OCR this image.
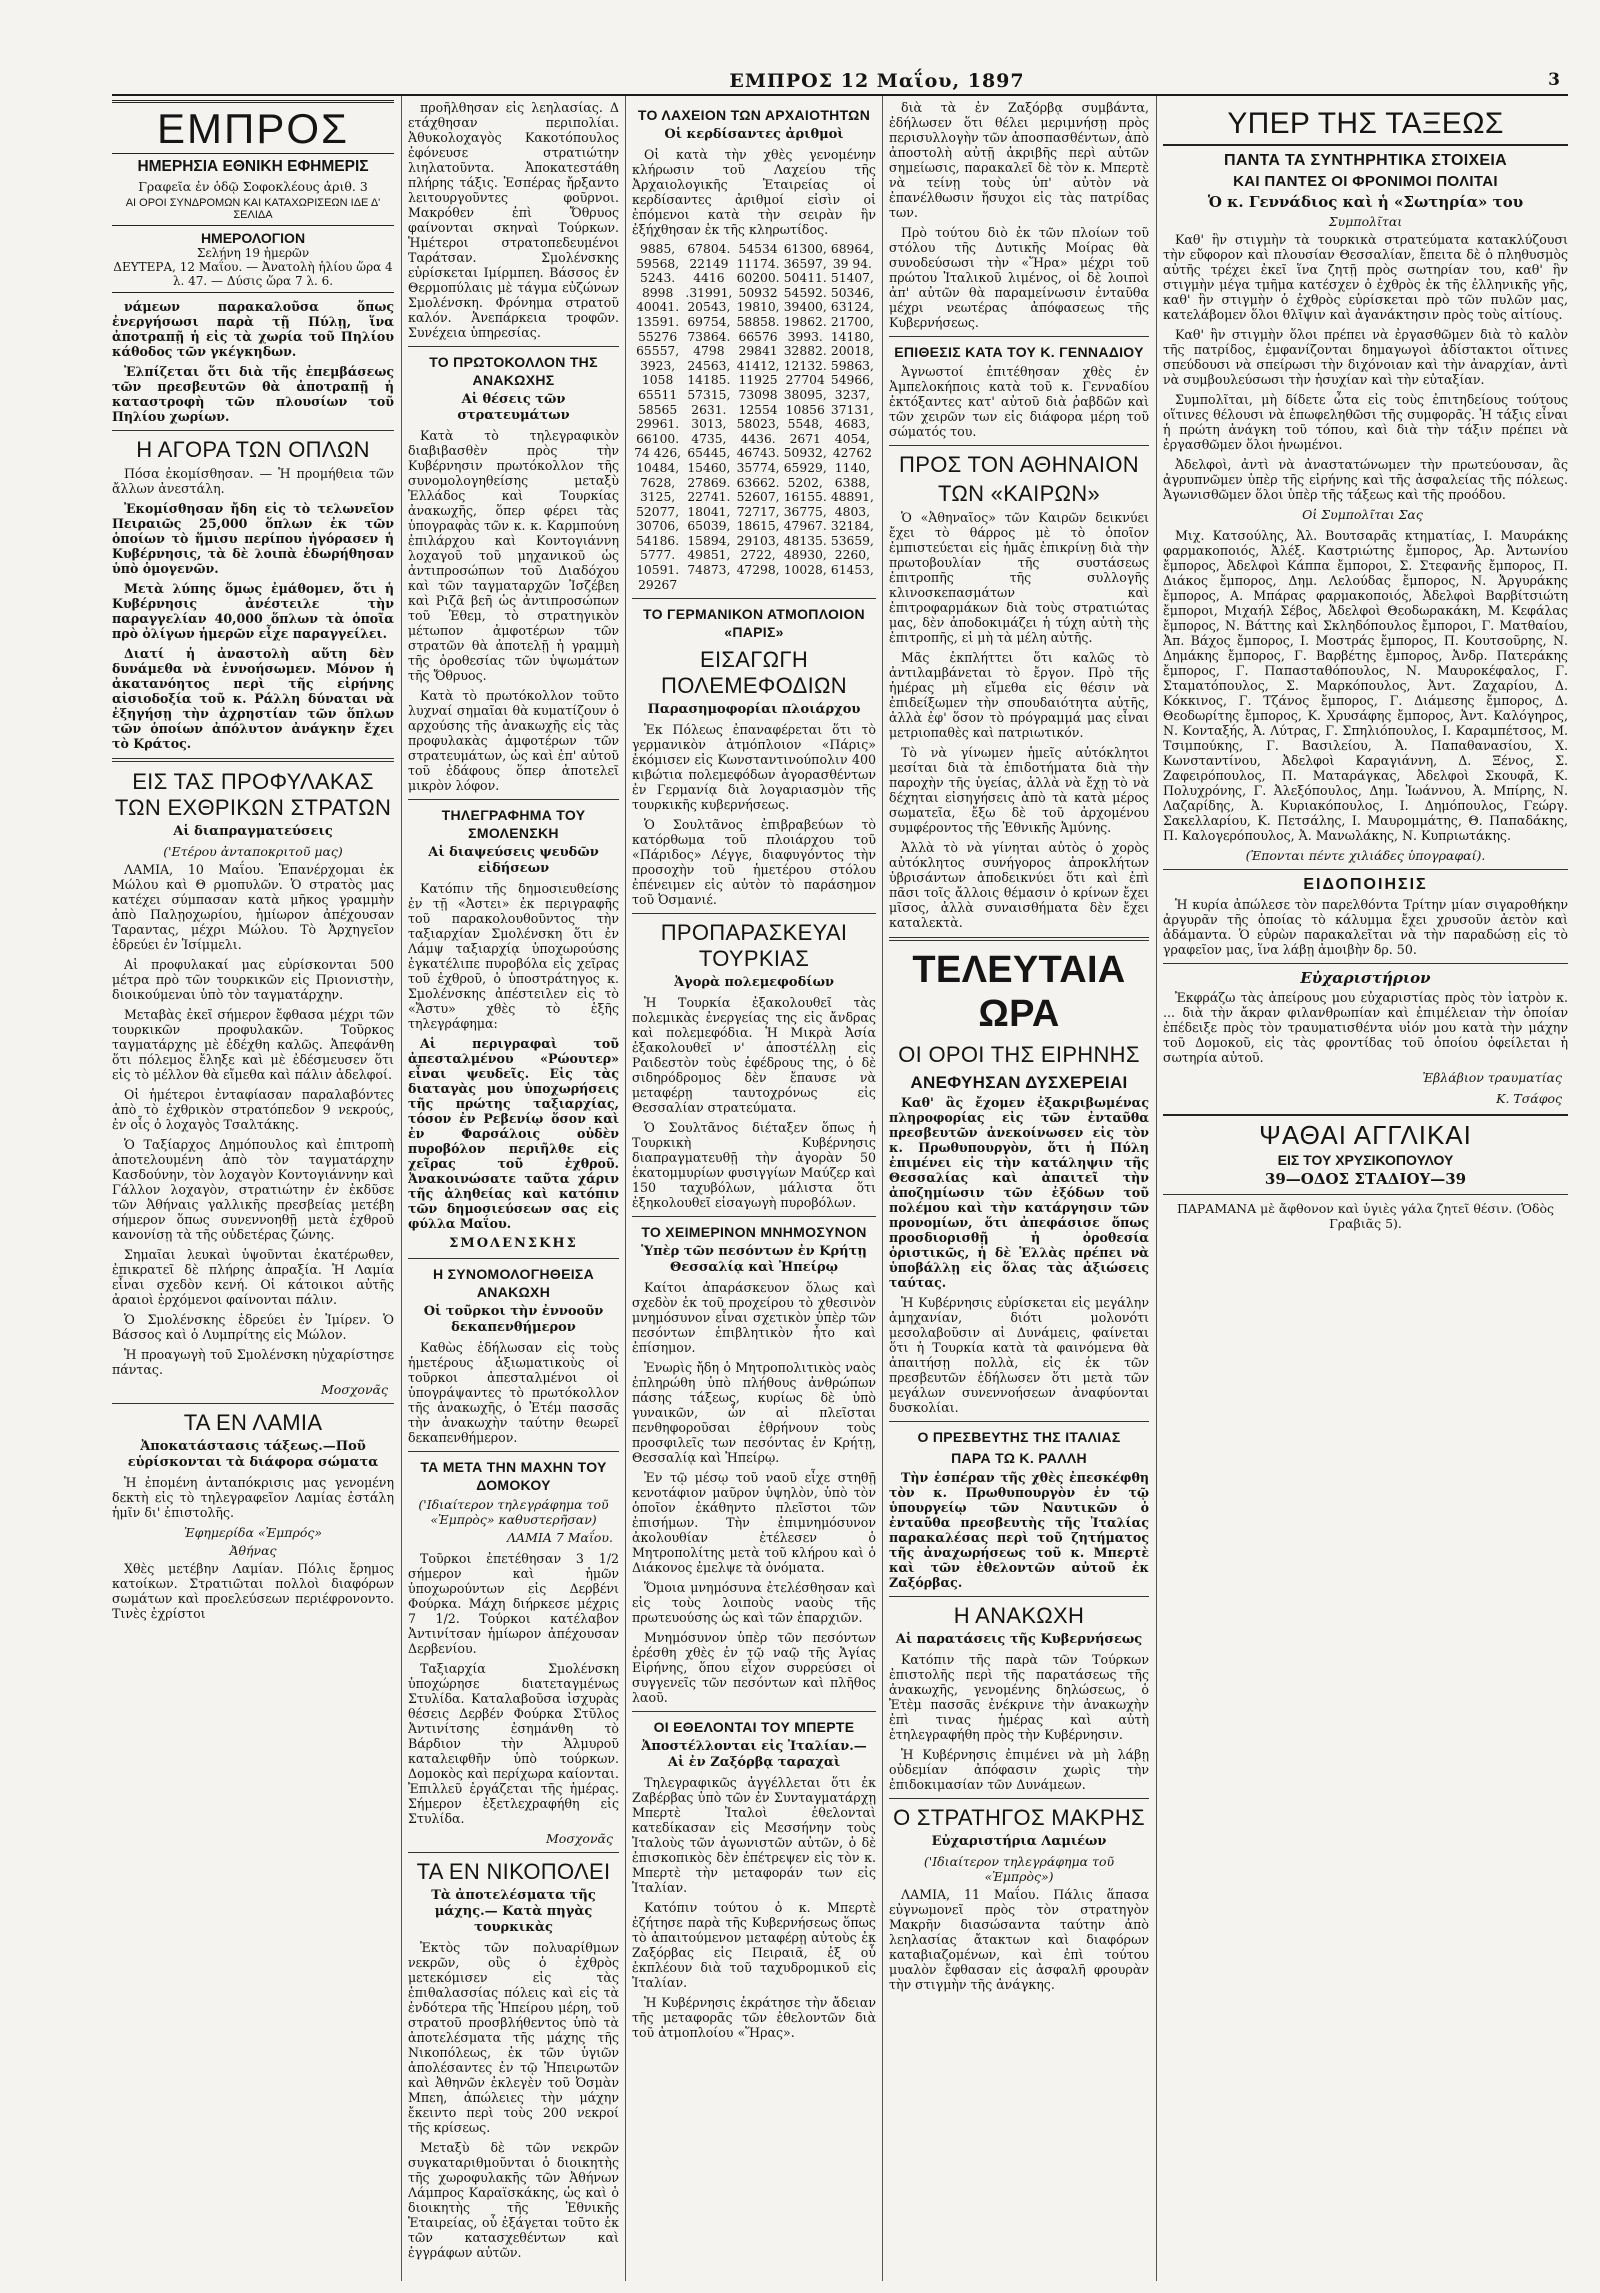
ΕΜΠΡΟΣ 12 Μαΐου, 1897	3
ΕΜΠΡΟΣ
ΗΜΕΡΗΣΙΑ ΕΘΝΙΚΗ ΕΦΗΜΕΡΙΣ
Γραφεῖα ἐν ὁδῷ Σοφοκλέους ἀριθ. 3
ΑΙ ΟΡΟΙ ΣΥΝΔΡΟΜΩΝ ΚΑΙ ΚΑΤΑΧΩΡΙΣΕΩΝ ΙΔΕ Δ' ΣΕΛΙΔΑ
ΗΜΕΡΟΛΟΓΙΟΝ
Σελήνη 19 ἡμερῶν
ΔΕΥΤΕΡΑ, 12 Μαΐου. — Ἀνατολὴ ἡλίου ὥρα 4 λ. 47. — Δύσις ὥρα 7 λ. 6.

νάμεων παρακαλοῦσα ὅπως ἐνεργήσωσι παρὰ τῇ Πύλῃ, ἵνα ἀποτραπῇ ἡ εἰς τὰ χωρία τοῦ Πηλίου κάθοδος τῶν γκέγκηδων.

Ἐλπίζεται ὅτι διὰ τῆς ἐπεμβάσεως τῶν πρεσβευτῶν θὰ ἀποτραπῇ ἡ καταστροφὴ τῶν πλουσίων τοῦ Πηλίου χωρίων.

Η ΑΓΟΡΑ ΤΩΝ ΟΠΛΩΝ

Πόσα ἐκομίσθησαν. — Ἡ προμήθεια τῶν ἄλλων ἀνεστάλη.

Ἐκομίσθησαν ἤδη εἰς τὸ τελωνεῖον Πειραιῶς 25,000 ὅπλων ἐκ τῶν ὁποίων τὸ ἥμισυ περίπου ἠγόρασεν ἡ Κυβέρνησις, τὰ δὲ λοιπὰ ἐδωρήθησαν ὑπὸ ὁμογενῶν.

Μετὰ λύπης ὅμως ἐμάθομεν, ὅτι ἡ Κυβέρνησις ἀνέστειλε τὴν παραγγελίαν 40,000 ὅπλων τὰ ὁποῖα πρὸ ὀλίγων ἡμερῶν εἶχε παραγγείλει.

Διατί ἡ ἀναστολὴ αὕτη δὲν δυνάμεθα νὰ ἐννοήσωμεν. Μόνον ἡ ἀκατανόητος περὶ τῆς εἰρήνης αἰσιοδοξία τοῦ κ. Ράλλη δύναται νὰ ἐξηγήσῃ τὴν ἀχρηστίαν τῶν ὅπλων τῶν ὁποίων ἀπόλυτον ἀνάγκην ἔχει τὸ Κράτος.

ΕΙΣ ΤΑΣ ΠΡΟΦΥΛΑΚΑΣ ΤΩΝ ΕΧΘΡΙΚΩΝ ΣΤΡΑΤΩΝ
Αἱ διαπραγματεύσεις
('Ετέρου ἀνταποκριτοῦ μας)

ΛΑΜΙΑ, 10 Μαΐου. Ἐπανέρχομαι ἐκ Μώλου καὶ Θ ρμοπυλῶν. Ὁ στρατὸς μας κατέχει σύμπασαν κατὰ μῆκος γραμμὴν ἀπὸ Παλῃοχωρίου, ἡμίωρον ἀπέχουσαν Ταραντας, μέχρι Μώλου. Τὸ Ἀρχηγεῖον ἑδρεύει ἐν Ἰσίμμελι.

Αἱ προφυλακαί μας εὑρίσκονται 500 μέτρα πρὸ τῶν τουρκικῶν εἰς Πριονιστὴν, διοικούμεναι ὑπὸ τὸν ταγματάρχην.

Μεταβὰς ἐκεῖ σήμερον ἔφθασα μέχρι τῶν τουρκικῶν προφυλακῶν. Τοῦρκος ταγματάρχης μὲ ἐδέχθη καλῶς. Ἀπεφάνθη ὅτι πόλεμος ἔληξε καὶ μὲ ἐδέσμευσεν ὅτι εἰς τὸ μέλλον θὰ εἴμεθα καὶ πάλιν ἀδελφοί.

Οἱ ἡμέτεροι ἐνταφίασαν παραλαβόντες ἀπὸ τὸ ἐχθρικὸν στρατόπεδον 9 νεκρούς, ἐν οἷς ὁ λοχαγὸς Τσαλτάκης.

Ὁ Ταξίαρχος Δημόπουλος καὶ ἐπιτροπὴ ἀποτελουμένη ἀπὸ τὸν ταγματάρχην Κασδούνην, τὸν λοχαγὸν Κοντογιάννην καὶ Γάλλον λοχαγὸν, στρατιώτην ἐν ἐκδῦσε τῶν Ἀθήναις γαλλικῆς πρεσβείας μετέβη σήμερον ὅπως συνεννοηθῇ μετὰ ἐχθροῦ κανονίσῃ τὰ τῆς οὐδετέρας ζώνης.

Σημαῖαι λευκαὶ ὑψοῦνται ἑκατέρωθεν, ἐπικρατεῖ δὲ πλήρης ἀπραξία. Ἡ Λαμία εἶναι σχεδὸν κενή. Οἱ κάτοικοι αὐτῆς ἀραιοὶ ἐρχόμενοι φαίνονται πάλιν.

Ὁ Σμολένσκης ἑδρεύει ἐν Ἰμίρεν. Ὁ Βάσσος καὶ ὁ Λυμπρίτης εἰς Μώλον.

Ἡ προαγωγὴ τοῦ Σμολένσκη ηὐχαρίστησε πάντας.

Μοσχονᾶς
ΤΑ ΕΝ ΛΑΜΙΑ
Ἀποκατάστασις τάξεως.—Ποῦ εὑρίσκονται τὰ διάφορα σώματα

Ἡ ἐπομένη ἀνταπόκρισις μας γενομένη δεκτὴ εἰς τὸ τηλεγραφεῖον Λαμίας ἐστάλη ἡμῖν δι' ἐπιστολῆς.

Ἐφημερίδα «Ἐμπρός»
Ἀθήνας

Χθὲς μετέβην Λαμίαν. Πόλις ἔρημος κατοίκων. Στρατιῶται πολλοὶ διαφόρων σωμάτων καὶ προελεύσεων περιέφρονοντο. Τινὲς ἐχρίστοι

προῆλθησαν εἰς λεηλασίας. Δ ετάχθησαν περιπολίαι. Ἀθυκολοχαγὸς Κακοτόπουλος ἐφόνευσε στρατιώτην λιηλατοῦντα. Ἀποκατεστάθη πλήρης τάξις. Ἐσπέρας ἤρξαντο λειτουργοῦντες φοῦρνοι. Μακρόθεν ἐπὶ Ὄθρυος φαίνονται σκηναὶ Τούρκων. Ἡμέτεροι στρατοπεδευμένοι Ταράτσαν. Σμολένσκης εὑρίσκεται Ιμίρμπεη. Βάσσος ἐν Θερμοπύλαις μὲ τάγμα εὐζώνων Σμολένσκη. Φρόνημα στρατοῦ καλόν. Ἀνεπάρκεια τροφῶν. Συνέχεια ὑπηρεσίας.

ΤΟ ΠΡΩΤΟΚΟΛΛΟΝ ΤΗΣ ΑΝΑΚΩΧΗΣ
Αἱ θέσεις τῶν στρατευμάτων

Κατὰ τὸ τηλεγραφικὸν διαβιβασθὲν πρὸς τὴν Κυβέρνησιν πρωτόκολλον τῆς συνομολογηθείσης μεταξὺ Ἑλλάδος καὶ Τουρκίας ἀνακωχῆς, ὅπερ φέρει τὰς ὑπογραφὰς τῶν κ. κ. Καρμπούνη ἐπιλάρχου καὶ Κοντογιάννη λοχαγοῦ τοῦ μηχανικοῦ ὡς ἀντιπροσώπων τοῦ Διαδόχου καὶ τῶν ταγματαρχῶν Ἰσζέβεη καὶ Ριζᾶ βεῆ ὡς ἀντιπροσώπων τοῦ Ἐθεμ, τὸ στρατηγικὸν μέτωπον ἀμφοτέρων τῶν στρατῶν θὰ ἀποτελῇ ἡ γραμμὴ τῆς ὀροθεσίας τῶν ὑψωμάτων τῆς Ὄθρυος.

Κατὰ τὸ πρωτόκολλον τοῦτο λυχναί σημαῖαι θὰ κυματίζουν ὁ αρχούσης τῆς ἀνακωχῆς εἰς τὰς προφυλακὰς ἀμφοτέρων τῶν στρατευμάτων, ὡς καὶ ἐπ' αὐτοῦ τοῦ ἐδάφους ὅπερ ἀποτελεῖ μικρὸν λόφον.

ΤΗΛΕΓΡΑΦΗΜΑ ΤΟΥ ΣΜΟΛΕΝΣΚΗ
Αἱ διαψεύσεις ψευδῶν εἰδήσεων

Κατόπιν τῆς δημοσιευθείσης ἐν τῇ «Ἀστει» ἐκ περιγραφῆς τοῦ παρακολουθοῦντος τὴν ταξιαρχίαν Σμολένσκη ὅτι ἐν Λάμψ ταξιαρχίᾳ ὑποχωρούσης ἐγκατέλιπε πυροβόλα εἰς χεῖρας τοῦ ἐχθροῦ, ὁ ὑποστράτηγος κ. Σμολένσκης ἀπέστειλεν εἰς τὸ «Ἄστυ» χθὲς τὸ ἑξῆς τηλεγράφημα:

Αἱ περιγραφαὶ τοῦ ἀπεσταλμένου «Ρώουτερ» εἶναι ψευδεῖς. Εἰς τὰς διαταγὰς μου ὑποχωρήσεις τῆς πρώτης ταξιαρχίας, τόσον ἐν Ρεβενίῳ ὅσον καὶ ἐν Φαρσάλοις οὐδὲν πυροβόλον περιῆλθε εἰς χεῖρας τοῦ ἐχθροῦ. Ἀνακοινώσατε ταῦτα χάριν τῆς ἀληθείας καὶ κατόπιν τῶν δημοσιεύσεων σας εἰς φύλλα Μαΐου.

ΣΜΟΛΕΝΣΚΗΣ
Η ΣΥΝΟΜΟΛΟΓΗΘΕΙΣΑ ΑΝΑΚΩΧΗ
Οἱ τοῦρκοι τὴν ἐννοοῦν δεκαπενθήμερον

Καθὼς ἐδήλωσαν εἰς τοὺς ἡμετέρους ἀξιωματικοὺς οἱ τοῦρκοι ἀπεσταλμένοι οἱ ὑπογράψαντες τὸ πρωτόκολλον τῆς ἀνακωχῆς, ὁ Ἐτέμ πασσᾶς τὴν ἀνακωχὴν ταύτην θεωρεῖ δεκαπενθήμερον.

ΤΑ ΜΕΤΑ ΤΗΝ ΜΑΧΗΝ ΤΟΥ ΔΟΜΟΚΟΥ
('Ιδιαίτερον τηλεγράφημα τοῦ «Ἐμπρὸς» καθυστερῆσαν)
ΛΑΜΙΑ 7 Μαΐου.

Τοῦρκοι ἐπετέθησαν 3 1/2 σήμερον καὶ ἡμῶν ὑποχωρούντων εἰς Δερβένι Φούρκα. Μάχη διήρκεσε μέχρις 7 1/2. Τούρκοι κατέλαβον Ἀντινίτσαν ἡμίωρον ἀπέχουσαν Δερβενίου.

Ταξιαρχία Σμολένσκη ὑποχώρησε διατεταγμένως Στυλίδα. Καταλαβοῦσα ἰσχυρὰς θέσεις Δερβέν Φούρκα Στῦλος Ἀντινίτσης ἐσημάνθη τὸ Βάρδιον τὴν Ἀλμυροῦ καταλειφθῆν ὑπὸ τούρκων. Δομοκὸς καὶ περίχωρα καίονται. Ἐπιλλεῦ ἐργάζεται τῆς ἡμέρας. Σήμερον ἐξετλεχραφήθη εἰς Στυλίδα.

Μοσχονᾶς
ΤΑ ΕΝ ΝΙΚΟΠΟΛΕΙ
Τὰ ἀποτελέσματα τῆς μάχης.— Κατὰ πηγὰς τουρκικὰς

Ἐκτὸς τῶν πολυαρίθμων νεκρῶν, οὓς ὁ ἐχθρὸς μετεκόμισεν εἰς τὰς ἐπιθαλασσίας πόλεις καὶ εἰς τὰ ἐνδότερα τῆς Ἠπείρου μέρη, τοῦ στρατοῦ προσβλήθεντος ὑπὸ τὰ ἀποτελέσματα τῆς μάχης τῆς Νικοπόλεως, ἐκ τῶν ὑγιῶν ἀπολέσαντες ἐν τῷ Ἠπειρωτῶν καὶ Ἀθηνῶν ἐκλεγὲν τοῦ Ὀσμὰν Μπεη, ἀπώλειες τὴν μάχην ἔκειντο περὶ τοὺς 200 νεκροί τῆς κρίσεως.

Μεταξὺ δὲ τῶν νεκρῶν συγκαταριθμοῦνται ὁ διοικητὴς τῆς χωροφυλακῆς τῶν Ἀθήνων Λάμπρος Καραϊσκάκης, ὡς καὶ ὁ διοικητὴς τῆς Ἐθνικῆς Ἑταιρείας, οὗ ἐξάγεται τοῦτο ἐκ τῶν κατασχεθέντων καὶ ἐγγράφων αὐτῶν.

ΤΟ ΛΑΧΕΙΟΝ ΤΩΝ ΑΡΧΑΙΟΤΗΤΩΝ
Οἱ κερδίσαντες ἀριθμοὶ

Οἱ κατὰ τὴν χθὲς γενομένην κλήρωσιν τοῦ Λαχείου τῆς Ἀρχαιολογικῆς Ἑταιρείας οἱ κερδίσαντες ἀριθμοί εἰσὶν οἱ ἑπόμενοι κατὰ τὴν σειρὰν ἣν ἐξήχθησαν ἐκ τῆς κληρωτίδος.

9885,	67804.	54534	61300,	68964,
59568,	22149	11174.	36597,	39 94.
5243.	4416	60200.	50411.	51407,
8998	.31991,	50932	54592.	50346,
40041.	20543,	19810,	39400,	63124,
13591.	69754,	58858.	19862.	21700,
55276	73864.	66576	3993.	14180,
65557,	4798	29841	32882.	20018,
3923,	24563,	41412,	12132.	59863,
1058	14185.	11925	27704	54966,
65511	57315,	73098	38095,	3237,
58565	2631.	12554	10856	37131,
29961.	3013,	58023,	5548,	4683,
66100.	4735,	4436.	2671	4054,
74 426,	65445,	46743.	50932,	42762
10484,	15460,	35774,	65929,	1140,
7628,	27869.	63662.	5202,	6388,
3125,	22741.	52607,	16155.	48891,
52077,	18041,	72717,	36775,	4803,
30706,	65039,	18615,	47967.	32184,
54186.	15894,	29103,	48135.	53659,
5777.	49851,	2722,	48930,	2260,
10591.	74873,	47298,	10028,	61453,
29267				
ΤΟ ΓΕΡΜΑΝΙΚΟΝ ΑΤΜΟΠΛΟΙΟΝ «ΠΑΡΙΣ»
ΕΙΣΑΓΩΓΗ ΠΟΛΕΜΕΦΟΔΙΩΝ
Παρασημοφορίαι πλοιάρχου

Ἐκ Πόλεως ἐπαναφέρεται ὅτι τὸ γερμανικὸν ἀτμόπλοιον «Πάρις» ἐκόμισεν εἰς Κωνσταντινούπολιν 400 κιβώτια πολεμεφόδων ἀγορασθέντων ἐν Γερμανίᾳ διὰ λογαριασμὸν τῆς τουρκικῆς κυβερνήσεως.

Ὁ Σουλτᾶνος ἐπιβραβεύων τὸ κατόρθωμα τοῦ πλοιάρχου τοῦ «Πάριδος» Λέγγε, διαφυγόντος τὴν προσοχὴν τοῦ ἡμετέρου στόλου ἐπένειμεν εἰς αὐτὸν τὸ παράσημον τοῦ Ὀσμανιέ.

ΠΡΟΠΑΡΑΣΚΕΥΑΙ ΤΟΥΡΚΙΑΣ
Ἀγορὰ πολεμεφοδίων

Ἡ Τουρκία ἐξακολουθεῖ τὰς πολεμικὰς ἐνεργείας της εἰς ἄνδρας καὶ πολεμεφόδια. Ἡ Μικρὰ Ἀσία ἐξακολουθεῖ ν' ἀποστέλλῃ εἰς Ραιδεστὸν τοὺς ἐφέδρους της, ὁ δὲ σιδηρόδρομος δὲν ἔπαυσε νὰ μεταφέρῃ ταυτοχρόνως εἰς Θεσσαλίαν στρατεύματα.

Ὁ Σουλτᾶνος διέταξεν ὅπως ἡ Τουρκικὴ Κυβέρνησις διαπραγματευθῇ τὴν ἀγορὰν 50 ἑκατομμυρίων φυσιγγίων Μαύζερ καὶ 150 ταχυβόλων, μάλιστα ὅτι ἐξηκολουθεῖ εἰσαγωγὴ πυροβόλων.

ΤΟ ΧΕΙΜΕΡΙΝΟΝ ΜΝΗΜΟΣΥΝΟΝ
Ὑπὲρ τῶν πεσόντων ἐν Κρήτῃ Θεσσαλίᾳ καὶ Ἠπείρῳ

Καίτοι ἀπαράσκευον ὅλως καὶ σχεδὸν ἐκ τοῦ προχείρου τὸ χθεσινὸν μνημόσυνον εἶναι σχετικὸν ὑπὲρ τῶν πεσόντων ἐπιβλητικὸν ἦτο καὶ ἐπίσημον.

Ἐνωρὶς ἤδη ὁ Μητροπολιτικὸς ναὸς ἐπληρώθη ὑπὸ πλήθους ἀνθρώπων πάσης τάξεως, κυρίως δὲ ὑπὸ γυναικῶν, ὧν αἱ πλεῖσται πενθηφοροῦσαι ἐθρήνουν τοὺς προσφιλεῖς των πεσόντας ἐν Κρήτῃ, Θεσσαλίᾳ καὶ Ἠπείρῳ.

Ἐν τῷ μέσῳ τοῦ ναοῦ εἶχε στηθῇ κενοτάφιον μαῦρον ὑψηλὸν, ὑπὸ τὸν ὁποῖον ἐκάθηντο πλεῖστοι τῶν ἐπισήμων. Τὴν ἐπιμνημόσυνον ἀκολουθίαν ἐτέλεσεν ὁ Μητροπολίτης μετὰ τοῦ κλήρου καὶ ὁ Διάκονος ἐμελψε τὰ ὀνόματα.

Ὅμοια μνημόσυνα ἐτελέσθησαν καὶ εἰς τοὺς λοιποὺς ναοὺς τῆς πρωτευούσης ὡς καὶ τῶν ἐπαρχιῶν.

Μνημόσυνον ὑπὲρ τῶν πεσόντων ἐρέσθη χθὲς ἐν τῷ ναῷ τῆς Ἁγίας Εἰρήνης, ὅπου εἶχον συρρεύσει οἱ συγγενεῖς τῶν πεσόντων καὶ πλῆθος λαοῦ.

ΟΙ ΕΘΕΛΟΝΤΑΙ ΤΟΥ ΜΠΕΡΤΕ
Ἀποστέλλονται εἰς Ἰταλίαν.— Αἱ ἐν Ζαξόρβᾳ ταραχαὶ

Τηλεγραφικῶς ἀγγέλλεται ὅτι ἐκ Ζαβέρβας ὑπὸ τῶν ἐν Συνταγματάρχῃ Μπερτὲ Ἰταλοὶ ἐθελονταὶ κατεδίκασαν εἰς Μεσσήνην τοὺς Ἰταλοὺς τῶν ἀγωνιστῶν αὐτῶν, ὁ δὲ ἐπισκοπικὸς δὲν ἐπέτρεψεν εἰς τὸν κ. Μπερτὲ τὴν μεταφοράν των εἰς Ἰταλίαν.

Κατόπιν τούτου ὁ κ. Μπερτὲ ἐζήτησε παρὰ τῆς Κυβερνήσεως ὅπως τὸ ἀπαιτούμενον μεταφέρῃ αὐτοὺς ἐκ Ζαξόρβας εἰς Πειραιᾶ, ἐξ οὗ ἐκπλέουν διὰ τοῦ ταχυδρομικοῦ εἰς Ἰταλίαν.

Ἡ Κυβέρνησις ἐκράτησε τὴν ἄδειαν τῆς μεταφορᾶς τῶν ἐθελοντῶν διὰ τοῦ ἀτμοπλοίου «Ἥρας».

διὰ τὰ ἐν Ζαξόρβᾳ συμβάντα, ἐδήλωσεν ὅτι θέλει μεριμνήσῃ πρὸς περισυλλογὴν τῶν ἀποσπασθέντων, ἀπὸ ἀποστολὴ αὐτῇ ἀκριβῆς περὶ αὐτῶν σημείωσις, παρακαλεῖ δὲ τὸν κ. Μπερτὲ νὰ τείνῃ τοὺς ὑπ' αὐτὸν νὰ ἐπανέλθωσιν ἥσυχοι εἰς τὰς πατρίδας των.

Πρὸ τούτου διὸ ἐκ τῶν πλοίων τοῦ στόλου τῆς Δυτικῆς Μοίρας θὰ συνοδεύσωσι τὴν «Ἥρα» μέχρι τοῦ πρώτου Ἰταλικοῦ λιμένος, οἱ δὲ λοιποὶ ἀπ' αὐτῶν θὰ παραμείνωσιν ἐνταῦθα μέχρι νεωτέρας ἀπόφασεως τῆς Κυβερνήσεως.

ΕΠΙΘΕΣΙΣ ΚΑΤΑ ΤΟΥ Κ. ΓΕΝΝΑΔΙΟΥ

Ἀγνωστοί ἐπιτέθησαν χθὲς ἐν Ἀμπελοκήποις κατὰ τοῦ κ. Γενναδίου ἐκτόξαντες κατ' αὐτοῦ διὰ ῥαβδῶν καὶ τῶν χειρῶν των εἰς διάφορα μέρη τοῦ σώματός του.

ΠΡΟΣ ΤΟΝ ΑΘΗΝΑΙΟΝ
ΤΩΝ «ΚΑΙΡΩΝ»

Ὁ «Ἀθηναῖος» τῶν Καιρῶν δεικνύει ἔχει τὸ θάρρος μὲ τὸ ὁποῖον ἐμπιστεύεται εἰς ἡμᾶς ἐπικρίνῃ διὰ τὴν πρωτοβουλίαν τῆς συστάσεως ἐπιτροπῆς τῆς συλλογῆς κλινοσκεπασμάτων καὶ ἐπιτροφαρμάκων διὰ τοὺς στρατιώτας μας, δὲν ἀποδοκιμάζει ἡ τύχη αὐτὴ τὴς ἐπιτροπῆς, εἰ μὴ τὰ μέλη αὐτῆς.

Μᾶς ἐκπλήττει ὅτι καλῶς τὸ ἀντιλαμβάνεται τὸ ἔργον. Πρὸ τῆς ἡμέρας μὴ εἴμεθα εἰς θέσιν νὰ ἐπιδείξωμεν τὴν σπουδαιότητα αὐτῆς, ἀλλὰ ἐφ' ὅσον τὸ πρόγραμμά μας εἶναι μετριοπαθὲς καὶ πατριωτικόν.

Τὸ νὰ γίνωμεν ἡμεῖς αὐτόκλητοι μεσίται διὰ τὰ ἐπιδοτήματα διὰ τὴν παροχὴν τῆς ὑγείας, ἀλλὰ νὰ ἔχῃ τὸ νὰ δέχηται εἰσηγήσεις ἀπὸ τὰ κατὰ μέρος σωματεῖα, ἔξω δὲ τοῦ ἀρχομένου συμφέροντος τῆς Ἐθνικῆς Ἀμύνης.

Ἀλλὰ τὸ νὰ γίνηται αὐτὸς ὁ χορὸς αὐτόκλητος συνήγορος ἀπροκλήτων ὑβρισάντων ἀποδεικνύει ὅτι καὶ ἐπὶ πᾶσι τοῖς ἄλλοις θέμασιν ὁ κρίνων ἔχει μῖσος, ἀλλὰ συναισθήματα δὲν ἔχει καταλεκτὰ.

ΤΕΛΕΥΤΑΙΑ ΩΡΑ
ΟΙ ΟΡΟΙ ΤΗΣ ΕΙΡΗΝΗΣ
ΑΝΕΦΥΗΣΑΝ ΔΥΣΧΕΡΕΙΑΙ

Καθ' ἃς ἔχομεν ἐξακριβωμένας πληροφορίας εἰς τῶν ἐνταῦθα πρεσβευτῶν ἀνεκοίνωσεν εἰς τὸν κ. Πρωθυπουργὸν, ὅτι ἡ Πύλη ἐπιμένει εἰς τὴν κατάληψιν τῆς Θεσσαλίας καὶ ἀπαιτεῖ τὴν ἀποζημίωσιν τῶν ἐξόδων τοῦ πολέμου καὶ τὴν κατάργησιν τῶν προνομίων, ὅτι ἀπεφάσισε ὅπως προσδιορισθῇ ἡ ὀροθεσία ὁριστικῶς, ἡ δὲ Ἑλλὰς πρέπει νὰ ὑποβάλλῃ εἰς ὅλας τὰς ἀξιώσεις ταύτας.

Ἡ Κυβέρνησις εὑρίσκεται εἰς μεγάλην ἀμηχανίαν, διότι μολονότι μεσολαβοῦσιν αἱ Δυνάμεις, φαίνεται ὅτι ἡ Τουρκία κατὰ τὰ φαινόμενα θὰ ἀπαιτήσῃ πολλὰ, εἰς ἐκ τῶν πρεσβευτῶν ἐδήλωσεν ὅτι μετὰ τῶν μεγάλων συνεννοήσεων ἀναφύονται δυσκολίαι.

Ο ΠΡΕΣΒΕΥΤΗΣ ΤΗΣ ΙΤΑΛΙΑΣ
ΠΑΡΑ ΤΩ Κ. ΡΑΛΛΗ

Τὴν ἑσπέραν τῆς χθὲς ἐπεσκέφθη τὸν κ. Πρωθυπουργὸν ἐν τῷ ὑπουργείῳ τῶν Ναυτικῶν ὁ ἐνταῦθα πρεσβευτὴς τῆς Ἰταλίας παρακαλέσας περὶ τοῦ ζητήματος τῆς ἀναχωρήσεως τοῦ κ. Μπερτὲ καὶ τῶν ἐθελοντῶν αὐτοῦ ἐκ Ζαξόρβας.

Η ΑΝΑΚΩΧΗ
Αἱ παρατάσεις τῆς Κυβερνήσεως

Κατόπιν τῆς παρὰ τῶν Τούρκων ἐπιστολῆς περὶ τῆς παρατάσεως τῆς ἀνακωχῆς, γενομένης δηλώσεως, ὁ Ἐτὲμ πασσᾶς ἐνέκρινε τὴν ἀνακωχὴν ἐπὶ τινας ἡμέρας καὶ αὐτὴ ἐτηλεγραφήθη πρὸς τὴν Κυβέρνησιν.

Ἡ Κυβέρνησις ἐπιμένει νὰ μὴ λάβῃ οὐδεμίαν ἀπόφασιν χωρὶς τὴν ἐπιδοκιμασίαν τῶν Δυνάμεων.

Ο ΣΤΡΑΤΗΓΟΣ ΜΑΚΡΗΣ
Εὐχαριστήρια Λαμιέων
('Ιδιαίτερον τηλεγράφημα τοῦ «Ἐμπρὸς»)

ΛΑΜΙΑ, 11 Μαΐου. Πάλις ἅπασα εὐγνωμονεῖ πρὸς τὸν στρατηγὸν Μακρῆν διασώσαντα ταύτην ἀπὸ λεηλασίας ἄτακτων καὶ διαφόρων καταβιαζομένων, καὶ ἐπὶ τούτου μυαλὸν ἔφθασαν εἰς ἀσφαλῆ φρουρὰν τὴν στιγμὴν τῆς ἀνάγκης.

ΥΠΕΡ ΤΗΣ ΤΑΞΕΩΣ
ΠΑΝΤΑ ΤΑ ΣΥΝΤΗΡΗΤΙΚΑ ΣΤΟΙΧΕΙΑ
ΚΑΙ ΠΑΝΤΕΣ ΟΙ ΦΡΟΝΙΜΟΙ ΠΟΛΙΤΑΙ
Ὁ κ. Γεννάδιος καὶ ἡ «Σωτηρία» του
Συμπολῖται

Καθ' ἣν στιγμὴν τὰ τουρκικὰ στρατεύματα κατακλύζουσι τὴν εὔφορον καὶ πλουσίαν Θεσσαλίαν, ἔπειτα δὲ ὁ πληθυσμὸς αὐτῆς τρέχει ἐκεῖ ἵνα ζητῇ πρὸς σωτηρίαν του, καθ' ἣν στιγμὴν μέγα τμῆμα κατέσχεν ὁ ἐχθρὸς ἐκ τῆς ἐλληνικῆς γῆς, καθ' ἣν στιγμὴν ὁ ἐχθρὸς εὑρίσκεται πρὸ τῶν πυλῶν μας, κατελάβομεν ὅλοι θλῖψιν καὶ ἀγανάκτησιν πρὸς τοὺς αἰτίους.

Καθ' ἣν στιγμὴν ὅλοι πρέπει νὰ ἐργασθῶμεν διὰ τὸ καλὸν τῆς πατρίδος, ἐμφανίζονται δημαγωγοὶ ἀδίστακτοι οἵτινες σπεύδουσι νὰ σπείρωσι τὴν διχόνοιαν καὶ τὴν ἀναρχίαν, ἀντὶ νὰ συμβουλεύσωσι τὴν ἡσυχίαν καὶ τὴν εὐταξίαν.

Συμπολῖται, μὴ δίδετε ὦτα εἰς τοὺς ἐπιτηδείους τούτους οἵτινες θέλουσι νὰ ἐπωφεληθῶσι τῆς συμφορᾶς. Ἡ τάξις εἶναι ἡ πρώτη ἀνάγκη τοῦ τόπου, καὶ διὰ τὴν τάξιν πρέπει νὰ ἐργασθῶμεν ὅλοι ἡνωμένοι.

Ἀδελφοὶ, ἀντὶ νὰ ἀναστατώνωμεν τὴν πρωτεύουσαν, ἂς ἀγρυπνῶμεν ὑπὲρ τῆς εἰρήνης καὶ τῆς ἀσφαλείας τῆς πόλεως. Ἀγωνισθῶμεν ὅλοι ὑπὲρ τῆς τάξεως καὶ τῆς προόδου.

Οἱ Συμπολῖται Σας

Μιχ. Κατσούλης, Ἀλ. Βουτσαρᾶς κτηματίας, Ι. Μαυράκης φαρμακοποιός, Ἀλέξ. Καστριώτης ἔμπορος, Ἀρ. Ἀντωνίου ἔμπορος, Ἀδελφοὶ Κάππα ἔμποροι, Σ. Στεφανῆς ἔμπορος, Π. Διάκος ἔμπορος, Δημ. Λελούδας ἔμπορος, Ν. Ἀργυράκης ἔμπορος, Α. Μπάρας φαρμακοποιός, Ἀδελφοὶ Βαρβίτσιώτη ἔμποροι, Μιχαήλ Σέβος, Ἀδελφοὶ Θεοδωρακάκη, Μ. Κεφάλας ἔμπορος, Ν. Βάττης καὶ Σκληδόπουλος ἔμποροι, Γ. Ματθαίου, Ἀπ. Βάχος ἔμπορος, Ι. Μοστράς ἔμπορος, Π. Κουτσοῦρης, Ν. Δημάκης ἔμπορος, Γ. Βαρβέτης ἔμπορος, Ἀνδρ. Πατεράκης ἔμπορος, Γ. Παπασταθόπουλος, Ν. Μαυροκέφαλος, Γ. Σταματόπουλος, Σ. Μαρκόπουλος, Ἀντ. Ζαχαρίου, Δ. Κόκκινος, Γ. Τζάνος ἔμπορος, Γ. Διάμεσης ἔμπορος, Δ. Θεοδωρίτης ἔμπορος, Κ. Χρυσάφης ἔμπορος, Ἀντ. Καλόγηρος, Ν. Κονταξής, Ἀ. Λύτρας, Γ. Σπηλιόπουλος, Ι. Καραμπέτσος, Μ. Τσιμπούκης, Γ. Βασιλείου, Ἀ. Παπαθανασίου, Χ. Κωνσταντίνου, Ἀδελφοὶ Καραγιάννη, Δ. Ξένος, Σ. Ζαφειρόπουλος, Π. Ματαράγκας, Ἀδελφοὶ Σκουφᾶ, Κ. Πολυχρόνης, Γ. Ἀλεξόπουλος, Δημ. Ἰωάννου, Ἀ. Μπίρης, Ν. Λαζαρίδης, Ἀ. Κυριακόπουλος, Ι. Δημόπουλος, Γεώργ. Σακελλαρίου, Κ. Πετσάλης, Ι. Μαυρομμάτης, Θ. Παπαδάκης, Π. Καλογερόπουλος, Ἀ. Μανωλάκης, Ν. Κυπριωτάκης.

(Ἐπονται πέντε χιλιάδες ὑπογραφαί).
ΕΙΔΟΠΟΙΗΣΙΣ

Ἡ κυρία ἀπώλεσε τὸν παρελθόντα Τρίτην μίαν σιγαροθήκην ἀργυρᾶν τῆς ὁποίας τὸ κάλυμμα ἔχει χρυσοῦν ἀετὸν καὶ ἀδάμαντα. Ὁ εὑρὼν παρακαλεῖται νὰ τὴν παραδώσῃ εἰς τὸ γραφεῖον μας, ἵνα λάβῃ ἀμοιβὴν δρ. 50.

Εὐχαριστήριον

Ἐκφράζω τὰς ἀπείρους μου εὐχαριστίας πρὸς τὸν ἰατρὸν κ. ... διὰ τὴν ἄκραν φιλανθρωπίαν καὶ ἐπιμέλειαν τὴν ὁποίαν ἐπέδειξε πρὸς τὸν τραυματισθέντα υἱόν μου κατὰ τὴν μάχην τοῦ Δομοκοῦ, εἰς τὰς φροντίδας τοῦ ὁποίου ὀφείλεται ἡ σωτηρία αὐτοῦ.

Ἐβλάβιον τραυματίας
Κ. Τσάφος
ΨΑΘΑΙ ΑΓΓΛΙΚΑΙ
ΕΙΣ ΤΟΥ ΧΡΥΣΙΚΟΠΟΥΛΟΥ
39—ΟΔΟΣ ΣΤΑΔΙΟΥ—39
ΠΑΡΑΜΑΝΑ μὲ ἄφθονον καὶ ὑγιὲς γάλα ζητεῖ θέσιν. (Ὁδὸς Γραβιᾶς 5).
